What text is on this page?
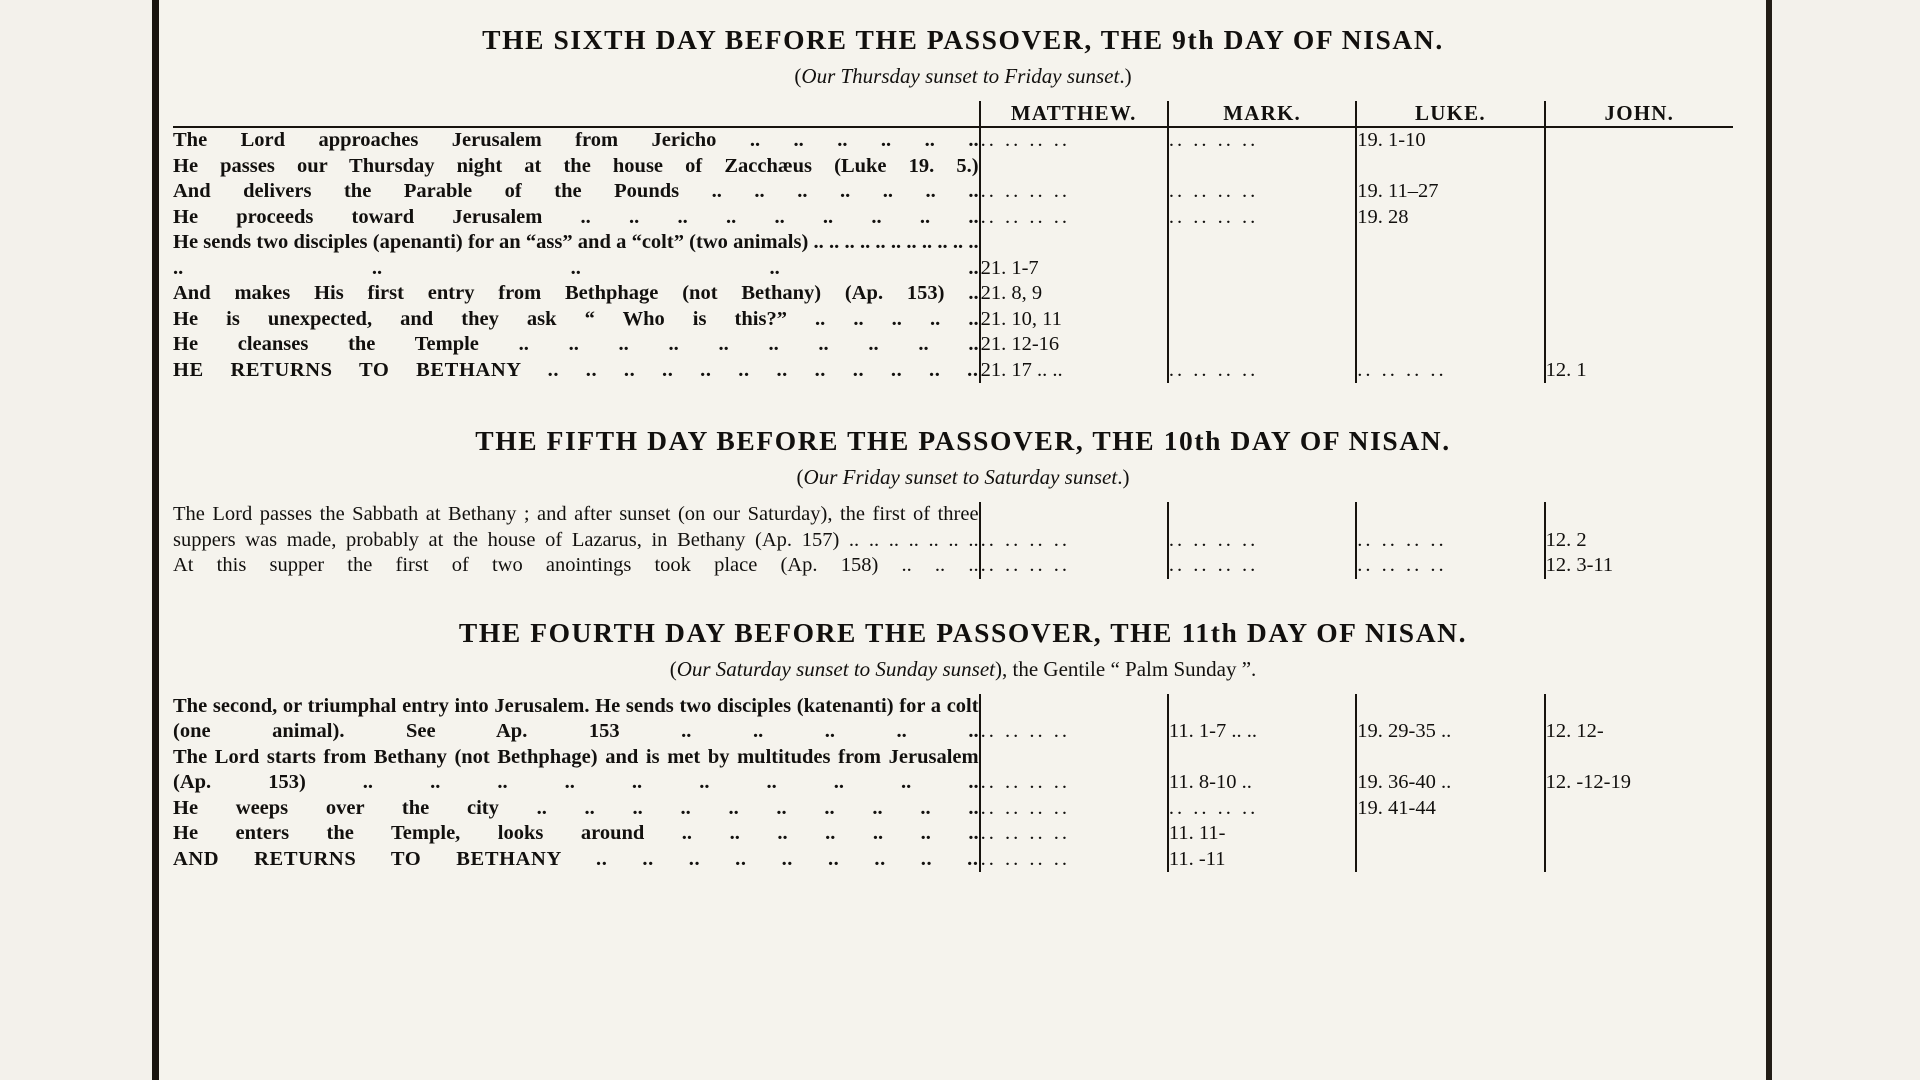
THE SIXTH DAY BEFORE THE PASSOVER, THE 9th DAY OF NISAN.

(Our Thursday sunset to Friday sunset.)

	MATTHEW.	MARK.	LUKE.	JOHN.
The Lord approaches Jerusalem from Jericho .. .. .. .. .. ..	.. .. .. ..	.. .. .. ..	19. 1-10	
He passes our Thursday night at the house of Zacchæus (Luke 19. 5.)				
And delivers the Parable of the Pounds .. .. .. .. .. .. ..	.. .. .. ..	.. .. .. ..	19. 11–27	
He proceeds toward Jerusalem .. .. .. .. .. .. .. .. ..	.. .. .. ..	.. .. .. ..	19. 28	
He sends two disciples (apenanti) for an “ass” and a “colt” (two animals) .. .. .. .. .. .. .. .. .. .. .. .. .. .. .. ..	21. 1-7			
And makes His first entry from Bethphage (not Bethany) (Ap. 153) ..	21. 8, 9			
He is unexpected, and they ask “ Who is this?” .. .. .. .. ..	21. 10, 11			
He cleanses the Temple .. .. .. .. .. .. .. .. .. ..	21. 12-16			
HE RETURNS TO BETHANY .. .. .. .. .. .. .. .. .. .. .. ..	21. 17 .. ..	.. .. .. ..	.. .. .. ..	12. 1
THE FIFTH DAY BEFORE THE PASSOVER, THE 10th DAY OF NISAN.

(Our Friday sunset to Saturday sunset.)

The Lord passes the Sabbath at Bethany ; and after sunset (on our Saturday), the first of three suppers was made, probably at the house of Lazarus, in Bethany (Ap. 157) .. .. .. .. .. .. ..	.. .. .. ..	.. .. .. ..	.. .. .. ..	12. 2
At this supper the first of two anointings took place (Ap. 158) .. .. ..	.. .. .. ..	.. .. .. ..	.. .. .. ..	12. 3-11
THE FOURTH DAY BEFORE THE PASSOVER, THE 11th DAY OF NISAN.

(Our Saturday sunset to Sunday sunset), the Gentile “ Palm Sunday ”.

The second, or triumphal entry into Jerusalem. He sends two disciples (katenanti) for a colt (one animal). See Ap. 153 .. .. .. .. ..	.. .. .. ..	11. 1-7 .. ..	19. 29-35 ..	12. 12-
The Lord starts from Bethany (not Bethphage) and is met by multitudes from Jerusalem (Ap. 153) .. .. .. .. .. .. .. .. .. ..	.. .. .. ..	11. 8-10 ..	19. 36-40 ..	12. -12-19
He weeps over the city .. .. .. .. .. .. .. .. .. ..	.. .. .. ..	.. .. .. ..	19. 41-44	
He enters the Temple, looks around .. .. .. .. .. .. ..	.. .. .. ..	11. 11-		
AND RETURNS TO BETHANY .. .. .. .. .. .. .. .. ..	.. .. .. ..	11. -11		
